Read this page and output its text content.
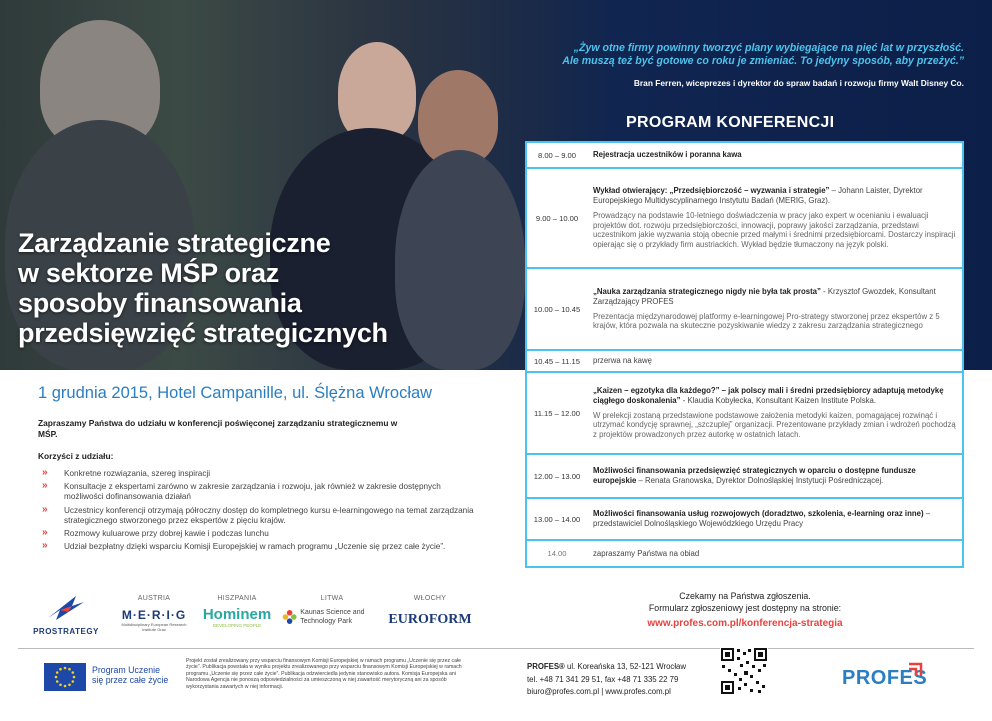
„Żyw otne firmy powinny tworzyć plany wybiegające na pięć lat w przyszłość.
Ale muszą też być gotowe co roku je zmieniać. To jedyny sposób, aby przeżyć.”
Bran Ferren, wiceprezes i dyrektor do spraw badań i rozwoju firmy Walt Disney Co.
Zarządzanie strategiczne
w sektorze MŚP oraz
sposoby finansowania
przedsięwzięć strategicznych
PROGRAM KONFERENCJI
8.00 – 9.00	Rejestracja uczestników i poranna kawa
9.00 – 10.00
Wykład otwierający: „Przedsiębiorczość – wyzwania i strategie” – Johann Laister, Dyrektor Europejskiego Multidyscyplinarnego Instytutu Badań (MERIG, Graz).
Prowadzący na podstawie 10-letniego doświadczenia w pracy jako expert w ocenianiu i ewaluacji projektów dot. rozwoju przedsiębiorczości, innowacji, poprawy jakości zarządzania, przedstawi uczestnikom jakie wyzwania stoją obecnie przed małymi i średnimi przedsiębiorcami. Dostarczy inspiracji opierając się o przykłady firm austriackich. Wykład będzie tłumaczony na język polski.
10.00 – 10.45
„Nauka zarządzania strategicznego nigdy nie była tak prosta” - Krzysztof Gwozdek, Konsultant Zarządzający PROFES
Prezentacja międzynarodowej platformy e-learningowej Pro-strategy stworzonej przez ekspertów z 5 krajów, która pozwala na skuteczne pozyskiwanie wiedzy z zakresu zarządzania strategicznego
10.45 – 11.15	przerwa na kawę
11.15 – 12.00
„Kaizen – egzotyka dla każdego?” – jak polscy mali i średni przedsiębiorcy adaptują metodykę ciągłego doskonalenia” - Klaudia Kobyłecka, Konsultant Kaizen Institute Polska.
W prelekcji zostaną przedstawione podstawowe założenia metodyki kaizen, pomagającej rozwinąć i utrzymać kondycję sprawnej, „szczuplej” organizacji. Prezentowane przykłady zmian i wdrożeń pochodzą z projektów prowadzonych przez autorkę w ostatnich latach.
12.00 – 13.00
Możliwości finansowania przedsięwzięć strategicznych w oparciu o dostępne fundusze europejskie – Renata Granowska, Dyrektor Dolnośląskiej Instytucji Pośredniczącej.
13.00 – 14.00
Możliwości finansowania usług rozwojowych (doradztwo, szkolenia, e-learning oraz inne) – przedstawiciel Dolnośląskiego Wojewódzkiego Urzędu Pracy
14.00	zapraszamy Państwa na obiad
1 grudnia 2015, Hotel Campanille, ul. Ślężna Wrocław
Zapraszamy Państwa do udziału w konferencji poświęconej zarządzaniu strategicznemu w MŚP.
Korzyści z udziału:
» Konkretne rozwiązania, szereg inspiracji
» Konsultacje z ekspertami zarówno w zakresie zarządzania i rozwoju, jak również w zakresie dostępnych możliwości dofinansowania działań
» Uczestnicy konferencji otrzymają półroczny dostęp do kompletnego kursu e-learningowego na temat zarządzania strategicznego stworzonego przez ekspertów z pięciu krajów.
» Rozmowy kuluarowe przy dobrej kawie i podczas lunchu
» Udział bezpłatny dzięki wsparciu Komisji Europejskiej w ramach programu „Uczenie się przez całe życie”.
PROSTRATEGY
AUSTRIA
M·E·R·I·G
Multidisciplinary European Research Institute Graz
HISZPANIA
Hominem
DEVELOPING PEOPLE
LITWA
Kaunas Science and Technology Park
WŁOCHY
EUROFORM
Czekamy na Państwa zgłoszenia.
Formularz zgłoszeniowy jest dostępny na stronie:
www.profes.com.pl/konferencja-strategia
Program Uczenie się przez całe życie
Projekt został zrealizowany przy wsparciu finansowym Komisji Europejskiej w ramach programu „Uczenie się przez całe życie”. Publikacja powstała w wyniku projektu zrealizowanego przy wsparciu finansowym Komisji Europejskiej w ramach programu „Uczenie się przez całe życie”. Publikacja odzwierciedla jedynie stanowisko autora. Komisja Europejska ani Narodowa Agencja nie ponoszą odpowiedzialności za umieszczoną w niej zawartość merytoryczną ani za sposób wykorzystania zawartych w niej informacji.
PROFES® ul. Koreańska 13, 52-121 Wrocław
tel. +48 71 341 29 51, fax +48 71 335 22 79
biuro@profes.com.pl | www.profes.com.pl
PROFES
